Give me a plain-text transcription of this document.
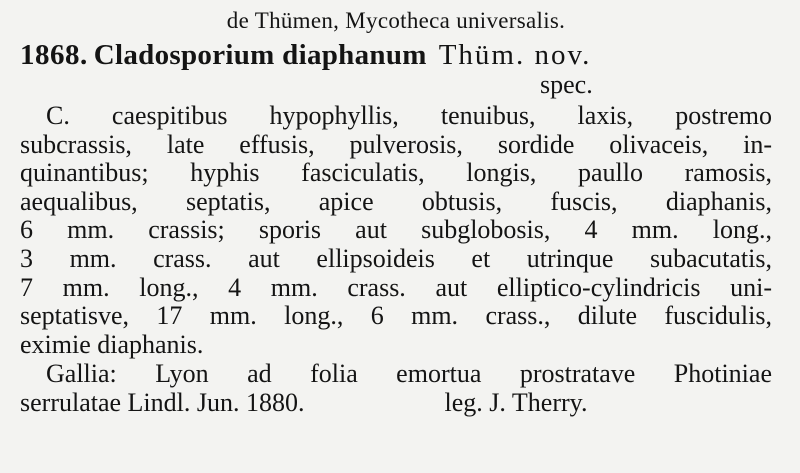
de Thümen, Mycotheca universalis.
1868. Cladosporium diaphanum Thüm. nov.
spec.
C. caespitibus hypophyllis, tenuibus, laxis, postremo
subcrassis, late effusis, pulverosis, sordide olivaceis, in-
quinantibus; hyphis fasciculatis, longis, paullo ramosis,
aequalibus, septatis, apice obtusis, fuscis, diaphanis,
6 mm. crassis; sporis aut subglobosis, 4 mm. long.,
3 mm. crass. aut ellipsoideis et utrinque subacutatis,
7 mm. long., 4 mm. crass. aut elliptico-cylindricis uni-
septatisve, 17 mm. long., 6 mm. crass., dilute fuscidulis,
eximie diaphanis.
Gallia: Lyon ad folia emortua prostratave Photiniae
serrulatae Lindl. Jun. 1880.	leg. J. Therry.
